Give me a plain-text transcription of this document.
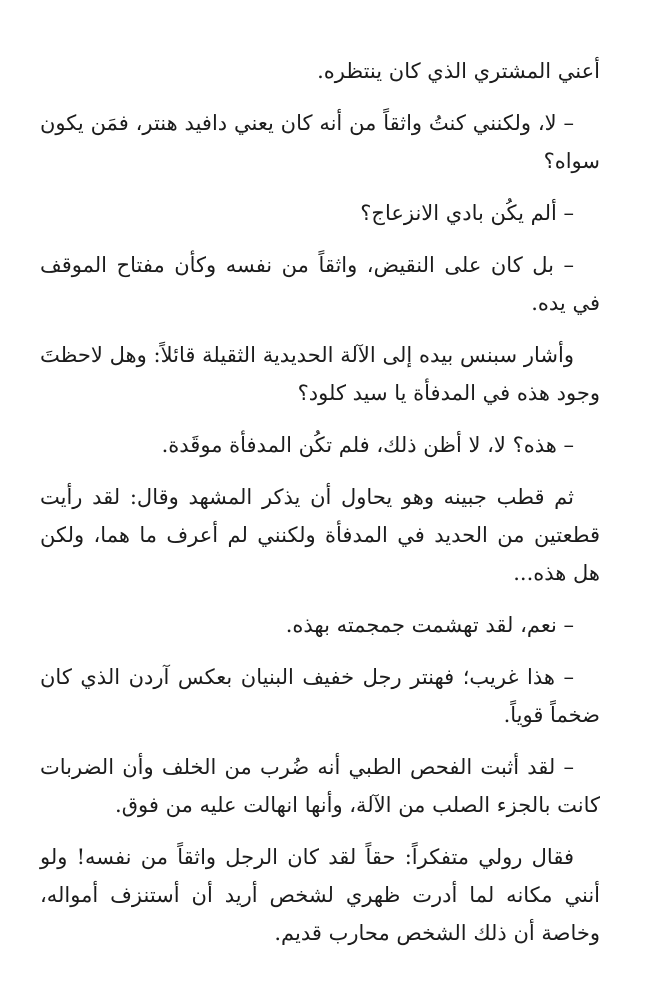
أعني المشتري الذي كان ينتظره.

– لا، ولكنني كنتُ واثقاً من أنه كان يعني دافيد هنتر، فمَن يكون سواه؟

– ألم يكُن بادي الانزعاج؟

– بل كان على النقيض، واثقاً من نفسه وكأن مفتاح الموقف في يده.

وأشار سبنس بيده إلى الآلة الحديدية الثقيلة قائلاً: وهل لاحظتَ وجود هذه في المدفأة يا سيد كلود؟

– هذه؟ لا، لا أظن ذلك، فلم تكُن المدفأة موقَدة.

ثم قطب جبينه وهو يحاول أن يذكر المشهد وقال: لقد رأيت قطعتين من الحديد في المدفأة ولكنني لم أعرف ما هما، ولكن هل هذه...

– نعم، لقد تهشمت جمجمته بهذه.

– هذا غريب؛ فهنتر رجل خفيف البنيان بعكس آردن الذي كان ضخماً قوياً.

– لقد أثبت الفحص الطبي أنه ضُرب من الخلف وأن الضربات كانت بالجزء الصلب من الآلة، وأنها انهالت عليه من فوق.

فقال رولي متفكراً: حقاً لقد كان الرجل واثقاً من نفسه! ولو أنني مكانه لما أدرت ظهري لشخص أريد أن أستنزف أمواله، وخاصة أن ذلك الشخص محارب قديم.
